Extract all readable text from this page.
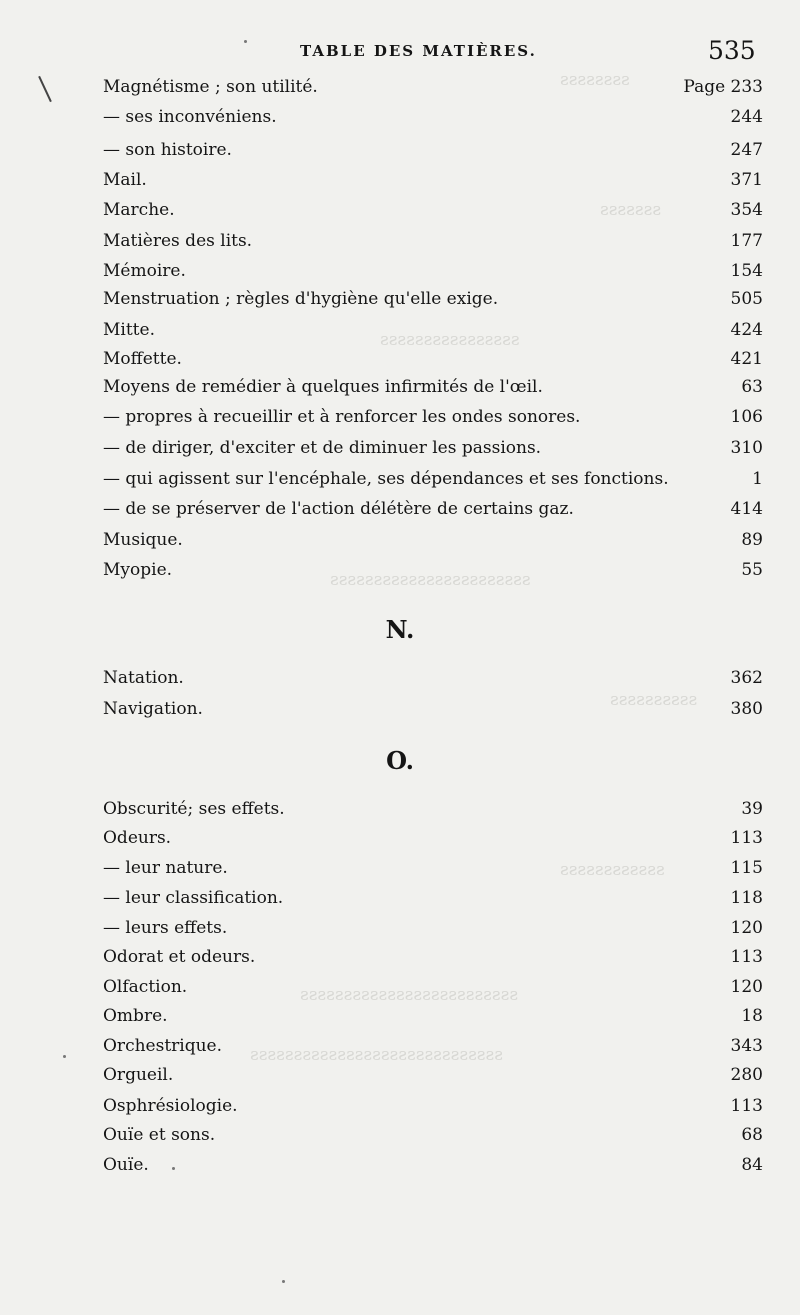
ssssssss
sssssss
ssssssssssssssss
sssssssssssssssssssssss
ssssssssss
ssssssssssss
sssssssssssssssssssssssss
sssssssssssssssssssssssssssss
TABLE DES MATIÈRES.	535
Magnétisme ; son utilité.	Page 233
— ses inconvéniens.	244
— son histoire.	247
Mail.	371
Marche.	354
Matières des lits.	177
Mémoire.	154
Menstruation ; règles d'hygiène qu'elle exige.	505
Mitte.	424
Moffette.	421
Moyens de remédier à quelques infirmités de l'œil.	63
— propres à recueillir et à renforcer les ondes sonores.	106
— de diriger, d'exciter et de diminuer les passions.	310
— qui agissent sur l'encéphale, ses dépendances et ses fonctions.	1
— de se préserver de l'action délétère de certains gaz.	414
Musique.	89
Myopie.	55
N.
Natation.	362
Navigation.	380
O.
Obscurité; ses effets.	39
Odeurs.	113
— leur nature.	115
— leur classification.	118
— leurs effets.	120
Odorat et odeurs.	113
Olfaction.	120
Ombre.	18
Orchestrique.	343
Orgueil.	280
Osphrésiologie.	113
Ouïe et sons.	68
Ouïe.	84
